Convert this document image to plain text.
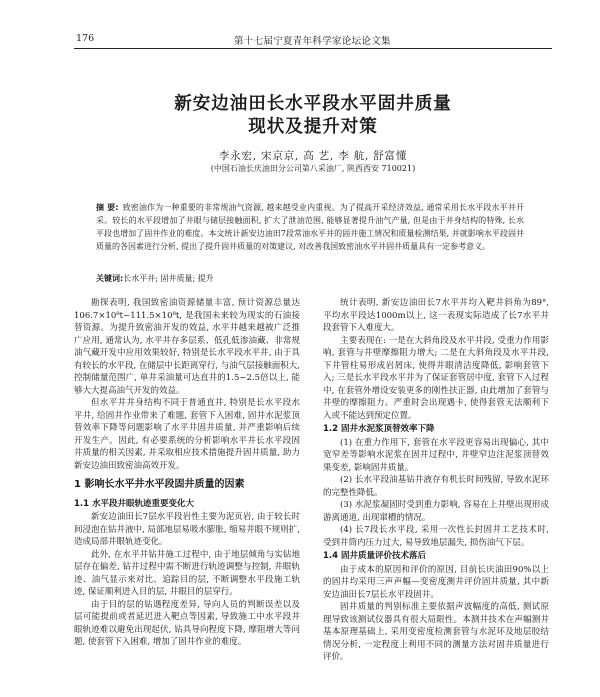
176	第十七届宁夏青年科学家论坛论文集
新安边油田长水平段水平固井质量
现状及提升对策
李永宏, 宋京京, 高 艺, 李 航, 舒富懂
(中国石油长庆油田分公司第八采油厂, 陕西西安 710021)
摘 要: 致密油作为一种重要的非常规油气资源, 越来越受业内重视。为了提高开采经济效益, 通常采用长水平段水平井开采。较长的水平段增加了井眼与储层接触面积, 扩大了泄油范围, 能够显著提升油气产量, 但是由于井身结构的特殊, 长水平段也增加了固井作业的难度。本文统计新安边油田7段常油水平井的固井施工情况和质量检测结果, 并就影响水平段固井质量的各因素进行分析, 提出了提升固井质量的对策建议, 对改善我国致密油水平井固井质量具有一定参考意义。
关键词:长水平井; 固井质量; 提升

勘探表明, 我国致密油资源储量丰富, 预计资源总量达106.7×10⁸t~111.5×10⁸t, 是我国未来较为现实的石油接替资源。为提升致密油开发的效益, 水平井越来越被广泛推广应用, 通常认为, 水平井存多层系、低孔低渗油藏、非常规油气藏开发中应用效果较好, 特别是长水平段水平井, 由于具有较长的水平段, 在储层中长距离穿行, 与油气层接触面积大, 控制储量范围广, 单井采油量可达直井的1.5~2.5倍以上, 能够大大提高油气开发的效益。

但水平井井身结构不同于普通直井, 特别是长水平段水平井, 给固井作业带来了难题, 套管下入困难, 固井水泥浆顶替效率下降等问题影响了水平井固井质量, 并严重影响后续开发生产。因此, 有必要系统的分析影响水平井长水平段固井质量的相关因素, 并采取相应技术措施提升固井质量, 助力新安边油田致密油高效开发。

1 影响长水平井水平段固井质量的因素
1.1 水平段井眼轨迹重要变化大

新安边油田长7层水平段岩性主要为泥页岩, 由于较长时间浸泡在钻井液中, 局部地层易吸水膨胀, 缩易井眼不规则扩, 造成局部井眼轨迹变化。

此外, 在水平井钻井施工过程中, 由于地层倾角与实钻地层存在偏差, 钻井过程中需不断进行轨迹调整与控制, 井眼轨迹、油气显示来对比、追踪目的层, 不断调整水平段施工轨迹, 保证顺利进入目的层, 井眼目的层穿行。

由于目的层的钻遇程度差异, 导向人员的判断误差以及层可能提前或者延迟进入靶点等因素, 导致施工中水平段井眼轨迹难以避免出现起伏, 钻具导向程度下降, 摩阻增大等问题, 使套管下入困难, 增加了固井作业的难度。

统计表明, 新安边油田长7水平井均入靶井斜角为89°, 平均水平段达1000m以上, 这一表现实际造成了长7水平井段套管下入难度大。

主要表现在: 一是在大斜角段及水平井段, 受重力作用影响, 套管与井壁摩擦阻力增大; 二是在大斜角段及水平井段, 下井管柱易形成岩屑床, 使得井眼清洁度降低, 影响套管下入; 三是长水平段水平井为了保证套管居中度, 套管下入过程中, 在套管外增设安装更多的刚性扶正器, 由此增加了套管与井壁的摩擦阻力。严重时会出现遇卡, 使得套管无法顺利下入或不能达到预定位置。

1.2 固井水泥浆顶替效率下降

(1) 在重力作用下, 套管在水平段更容易出现偏心, 其中宽窄差等影响水泥浆在固井过程中, 井壁窄边注泥浆顶替效果变差, 影响固井质量。

(2) 长水平段油基钻井液存有机长时间残留, 导致水泥环的完整性降低。

(3) 水泥浆凝固时受到重力影响, 容易在上井壁出现形成游离通道, 出现窜槽的情况。

(4) 长7段长水平段, 采用一次性长封固井工艺技术时, 受到井筒内压力过大, 易导致地层漏失, 损伤油气下层。

1.4 固井质量评价技术落后

由于成本的原因和评价的原因, 目前长庆油田90%以上的固井均采用三声声幅—变密度测井评价固井质量, 其中新安边油田长7层长水平段固井。

固井质量的判别标准主要依据声波幅度的高低, 测试原理导致该测试仪器具有很大局限性。本测井技术在声幅测井基本原理基础上, 采用变密度检测套管与水泥环及地层胶结情况分析, 一定程度上利用不同的测量方法对固井质量进行评价。
